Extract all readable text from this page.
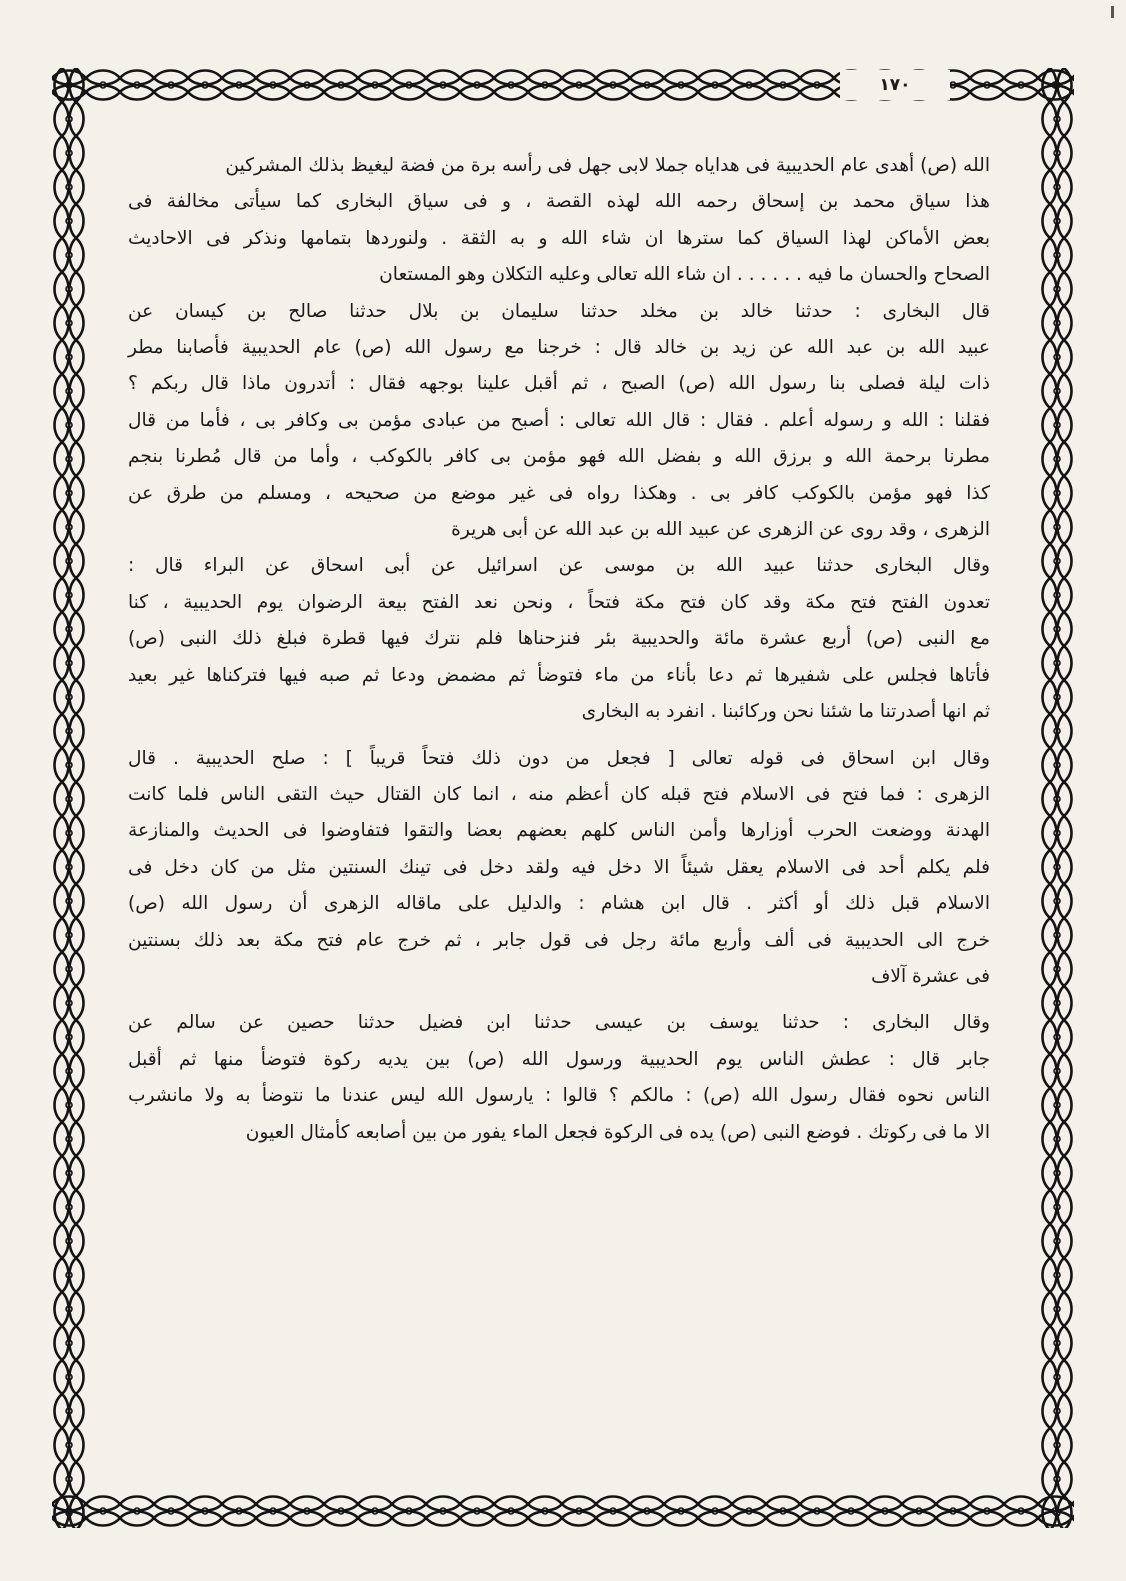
١٧٠
الله (ص) أهدى عام الحديبية فى هداياه جملا لابى جهل فى رأسه برة من فضة ليغيظ بذلك المشركين
هذا سياق محمد بن إسحاق رحمه الله لهذه القصة ، و فى سياق البخارى كما سيأتى مخالفة فى
بعض الأماكن لهذا السياق كما سترها ان شاء الله و به الثقة . ولنوردها بتمامها ونذكر فى الاحاديث
الصحاح والحسان ما فيه . . . . . . ان شاء الله تعالى وعليه التكلان وهو المستعان
قال البخارى : حدثنا خالد بن مخلد حدثنا سليمان بن بلال حدثنا صالح بن كيسان عن
عبيد الله بن عبد الله عن زيد بن خالد قال : خرجنا مع رسول الله (ص) عام الحديبية فأصابنا مطر
ذات ليلة فصلى بنا رسول الله (ص) الصبح ، ثم أقبل علينا بوجهه فقال : أتدرون ماذا قال ربكم ؟
فقلنا : الله و رسوله أعلم . فقال : قال الله تعالى : أصبح من عبادى مؤمن بى وكافر بى ، فأما من قال
مطرنا برحمة الله و برزق الله و بفضل الله فهو مؤمن بى كافر بالكوكب ، وأما من قال مُطرنا بنجم
كذا فهو مؤمن بالكوكب كافر بى . وهكذا رواه فى غير موضع من صحيحه ، ومسلم من طرق عن
الزهرى ، وقد روى عن الزهرى عن عبيد الله بن عبد الله عن أبى هريرة
وقال البخارى حدثنا عبيد الله بن موسى عن اسرائيل عن أبى اسحاق عن البراء قال :
تعدون الفتح فتح مكة وقد كان فتح مكة فتحاً ، ونحن نعد الفتح بيعة الرضوان يوم الحديبية ، كنا
مع النبى (ص) أربع عشرة مائة والحديبية بئر فنزحناها فلم نترك فيها قطرة فبلغ ذلك النبى (ص)
فأتاها فجلس على شفيرها ثم دعا بأناء من ماء فتوضأ ثم مضمض ودعا ثم صبه فيها فتركناها غير بعيد
ثم انها أصدرتنا ما شئنا نحن وركائبنا . انفرد به البخارى
وقال ابن اسحاق فى قوله تعالى [ فجعل من دون ذلك فتحاً قريباً ] : صلح الحديبية . قال
الزهرى : فما فتح فى الاسلام فتح قبله كان أعظم منه ، انما كان القتال حيث التقى الناس فلما كانت
الهدنة ووضعت الحرب أوزارها وأمن الناس كلهم بعضهم بعضا والتقوا فتفاوضوا فى الحديث والمنازعة
فلم يكلم أحد فى الاسلام يعقل شيئاً الا دخل فيه ولقد دخل فى تينك السنتين مثل من كان دخل فى
الاسلام قبل ذلك أو أكثر . قال ابن هشام : والدليل على ماقاله الزهرى أن رسول الله (ص)
خرج الى الحديبية فى ألف وأربع مائة رجل فى قول جابر ، ثم خرج عام فتح مكة بعد ذلك بسنتين
فى عشرة آلاف
وقال البخارى : حدثنا يوسف بن عيسى حدثنا ابن فضيل حدثنا حصين عن سالم عن
جابر قال : عطش الناس يوم الحديبية ورسول الله (ص) بين يديه ركوة فتوضأ منها ثم أقبل
الناس نحوه فقال رسول الله (ص) : مالكم ؟ قالوا : يارسول الله ليس عندنا ما نتوضأ به ولا مانشرب
الا ما فى ركوتك . فوضع النبى (ص) يده فى الركوة فجعل الماء يفور من بين أصابعه كأمثال العيون
